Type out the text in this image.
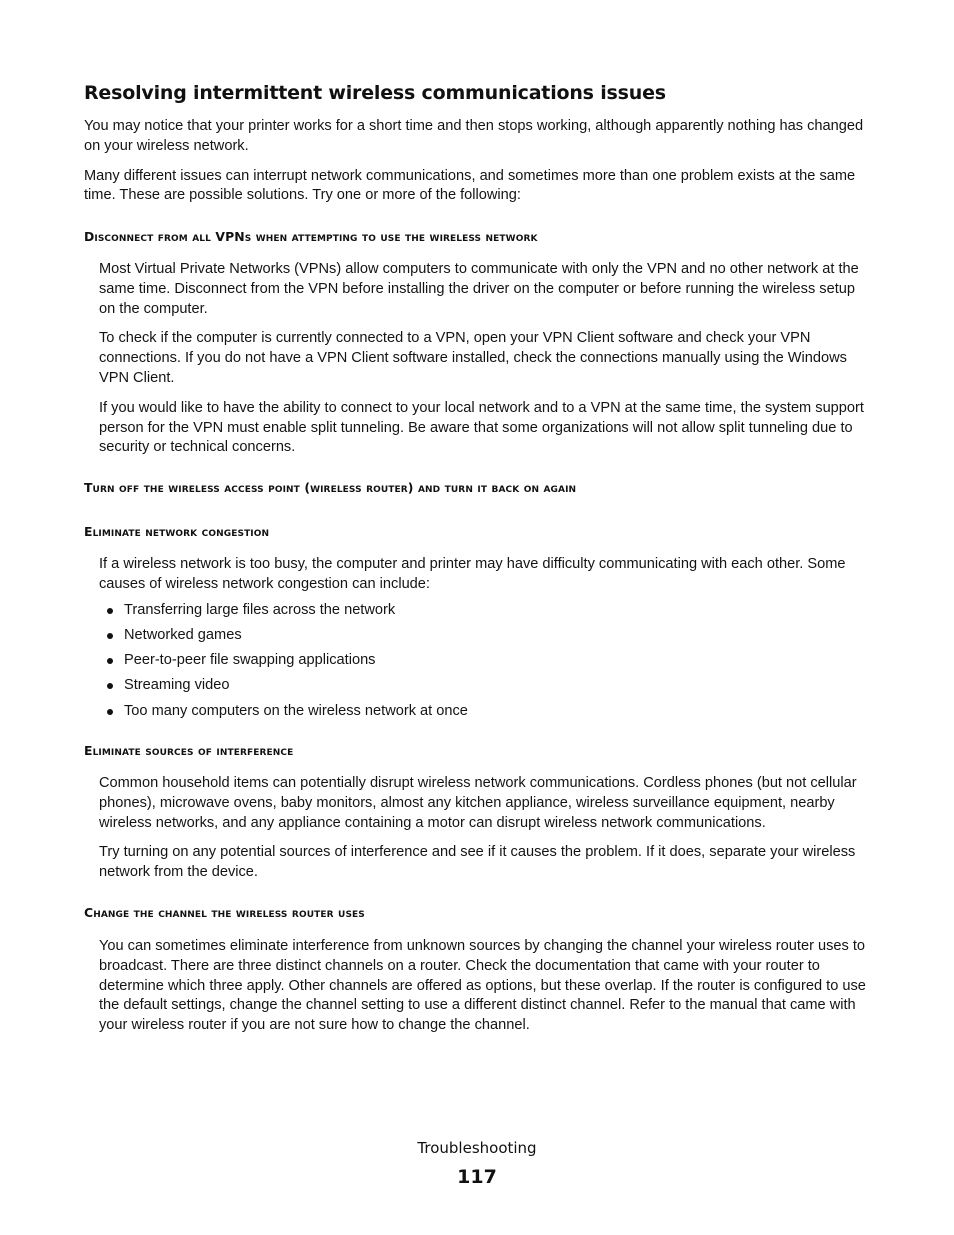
Resolving intermittent wireless communications issues

You may notice that your printer works for a short time and then stops working, although apparently nothing has changed on your wireless network.

Many different issues can interrupt network communications, and sometimes more than one problem exists at the same time. These are possible solutions. Try one or more of the following:

Disconnect from all VPNs when attempting to use the wireless network

Most Virtual Private Networks (VPNs) allow computers to communicate with only the VPN and no other network at the same time. Disconnect from the VPN before installing the driver on the computer or before running the wireless setup on the computer.

To check if the computer is currently connected to a VPN, open your VPN Client software and check your VPN connections. If you do not have a VPN Client software installed, check the connections manually using the Windows VPN Client.

If you would like to have the ability to connect to your local network and to a VPN at the same time, the system support person for the VPN must enable split tunneling. Be aware that some organizations will not allow split tunneling due to security or technical concerns.

Turn off the wireless access point (wireless router) and turn it back on again
Eliminate network congestion

If a wireless network is too busy, the computer and printer may have difficulty communicating with each other. Some causes of wireless network congestion can include:

Transferring large files across the network
Networked games
Peer-to-peer file swapping applications
Streaming video
Too many computers on the wireless network at once
Eliminate sources of interference

Common household items can potentially disrupt wireless network communications. Cordless phones (but not cellular phones), microwave ovens, baby monitors, almost any kitchen appliance, wireless surveillance equipment, nearby wireless networks, and any appliance containing a motor can disrupt wireless network communications.

Try turning on any potential sources of interference and see if it causes the problem. If it does, separate your wireless network from the device.

Change the channel the wireless router uses

You can sometimes eliminate interference from unknown sources by changing the channel your wireless router uses to broadcast. There are three distinct channels on a router. Check the documentation that came with your router to determine which three apply. Other channels are offered as options, but these overlap. If the router is configured to use the default settings, change the channel setting to use a different distinct channel. Refer to the manual that came with your wireless router if you are not sure how to change the channel.

Troubleshooting
117
